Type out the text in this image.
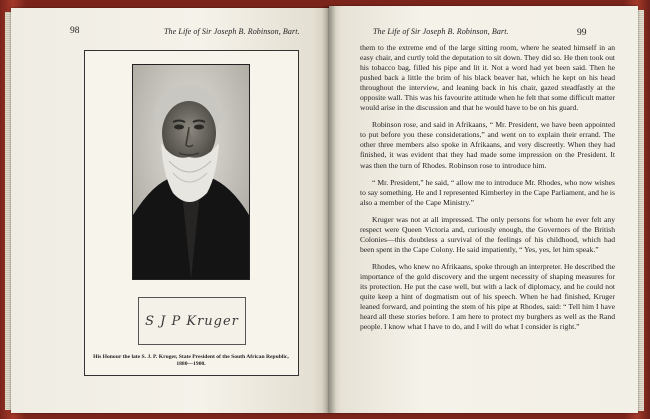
98	The Life of Sir Joseph B. Robinson, Bart.
S J P Kruger
His Honour the late S. J. P. Kruger, State President of the South African Republic, 1880—1900.
The Life of Sir Joseph B. Robinson, Bart.	99

them to the extreme end of the large sitting room, where he seated himself in an easy chair, and curtly told the deputation to sit down. They did so. He then took out his tobacco bag, filled his pipe and lit it. Not a word had yet been said. Then he pushed back a little the brim of his black beaver hat, which he kept on his head throughout the interview, and leaning back in his chair, gazed steadfastly at the opposite wall. This was his favourite attitude when he felt that some difficult matter would arise in the discussion and that he would have to be on his guard.

Robinson rose, and said in Afrikaans, “ Mr. President, we have been appointed to put before you these considerations,” and went on to explain their errand. The other three members also spoke in Afrikaans, and very discreetly. When they had finished, it was evident that they had made some impression on the President. It was then the turn of Rhodes. Robinson rose to introduce him.

“ Mr. President,” he said, “ allow me to introduce Mr. Rhodes, who now wishes to say something. He and I represented Kimberley in the Cape Parliament, and he is also a member of the Cape Ministry.”

Kruger was not at all impressed. The only persons for whom he ever felt any respect were Queen Victoria and, curiously enough, the Governors of the British Colonies—this doubtless a survival of the feelings of his childhood, which had been spent in the Cape Colony. He said impatiently, “ Yes, yes, let him speak.”

Rhodes, who knew no Afrikaans, spoke through an interpreter. He described the importance of the gold discovery and the urgent necessity of shaping measures for its protection. He put the case well, but with a lack of diplomacy, and he could not quite keep a hint of dogmatism out of his speech. When he had finished, Kruger leaned forward, and pointing the stem of his pipe at Rhodes, said: “ Tell him I have heard all these stories before. I am here to protect my burghers as well as the Rand people. I know what I have to do, and I will do what I consider is right.”
